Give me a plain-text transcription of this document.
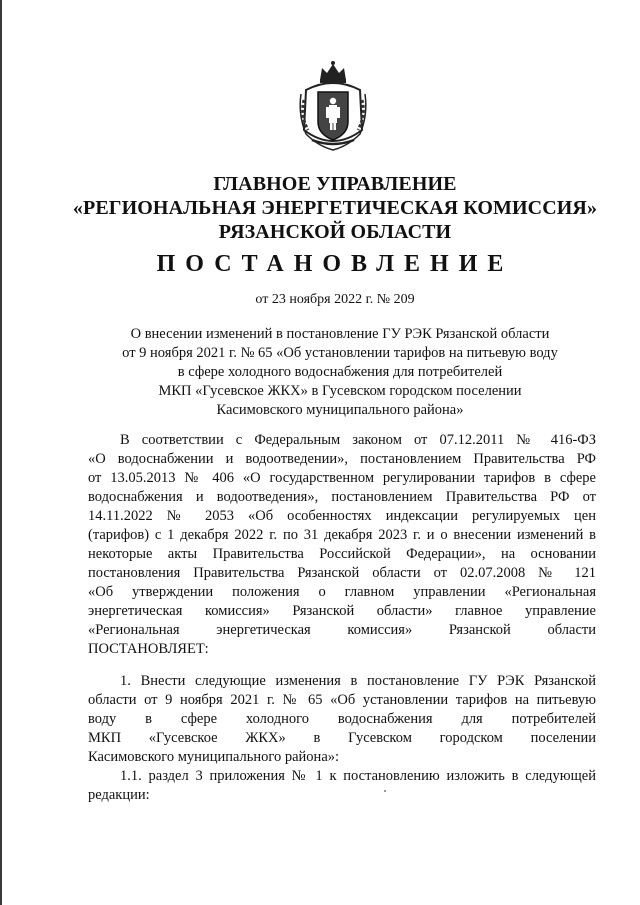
ГЛАВНОЕ УПРАВЛЕНИЕ
«РЕГИОНАЛЬНАЯ ЭНЕРГЕТИЧЕСКАЯ КОМИССИЯ»
РЯЗАНСКОЙ ОБЛАСТИ
ПОСТАНОВЛЕНИЕ
от 23 ноября 2022 г. № 209
О внесении изменений в постановление ГУ РЭК Рязанской области
от 9 ноября 2021 г. № 65 «Об установлении тарифов на питьевую воду
в сфере холодного водоснабжения для потребителей
МКП «Гусевское ЖКХ» в Гусевском городском поселении
Касимовского муниципального района»
В соответствии с Федеральным законом от 07.12.2011 № 416-ФЗ
«О водоснабжении и водоотведении», постановлением Правительства РФ
от 13.05.2013 № 406 «О государственном регулировании тарифов в сфере
водоснабжения и водоотведения», постановлением Правительства РФ от
14.11.2022 № 2053 «Об особенностях индексации регулируемых цен
(тарифов) с 1 декабря 2022 г. по 31 декабря 2023 г. и о внесении изменений в
некоторые акты Правительства Российской Федерации», на основании
постановления Правительства Рязанской области от 02.07.2008 № 121
«Об утверждении положения о главном управлении «Региональная
энергетическая комиссия» Рязанской области» главное управление
«Региональная энергетическая комиссия» Рязанской области
ПОСТАНОВЛЯЕТ:
1. Внести следующие изменения в постановление ГУ РЭК Рязанской
области от 9 ноября 2021 г. № 65 «Об установлении тарифов на питьевую
воду в сфере холодного водоснабжения для потребителей
МКП «Гусевское ЖКХ» в Гусевском городском поселении
Касимовского муниципального района»:
1.1. раздел 3 приложения № 1 к постановлению изложить в следующей
редакции:
